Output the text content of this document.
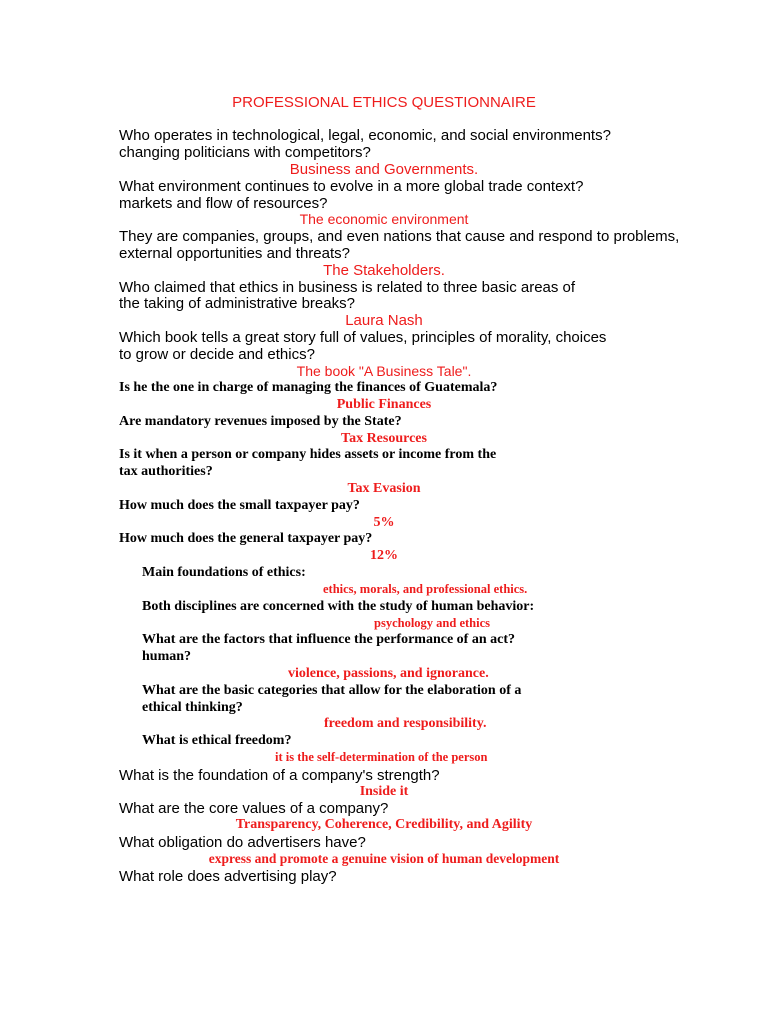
PROFESSIONAL ETHICS QUESTIONNAIRE
Who operates in technological, legal, economic, and social environments?
changing politicians with competitors?
Business and Governments.
What environment continues to evolve in a more global trade context?
markets and flow of resources?
The economic environment
They are companies, groups, and even nations that cause and respond to problems,
external opportunities and threats?
The Stakeholders.
Who claimed that ethics in business is related to three basic areas of
the taking of administrative breaks?
Laura Nash
Which book tells a great story full of values, principles of morality, choices
to grow or decide and ethics?
The book "A Business Tale".
Is he the one in charge of managing the finances of Guatemala?
Public Finances
Are mandatory revenues imposed by the State?
Tax Resources
Is it when a person or company hides assets or income from the
tax authorities?
Tax Evasion
How much does the small taxpayer pay?
5%
How much does the general taxpayer pay?
12%
Main foundations of ethics:
ethics, morals, and professional ethics.
Both disciplines are concerned with the study of human behavior:
psychology and ethics
What are the factors that influence the performance of an act?
human?
violence, passions, and ignorance.
What are the basic categories that allow for the elaboration of a
ethical thinking?
freedom and responsibility.
What is ethical freedom?
it is the self-determination of the person
What is the foundation of a company's strength?
Inside it
What are the core values of a company?
Transparency, Coherence, Credibility, and Agility
What obligation do advertisers have?
express and promote a genuine vision of human development
What role does advertising play?
